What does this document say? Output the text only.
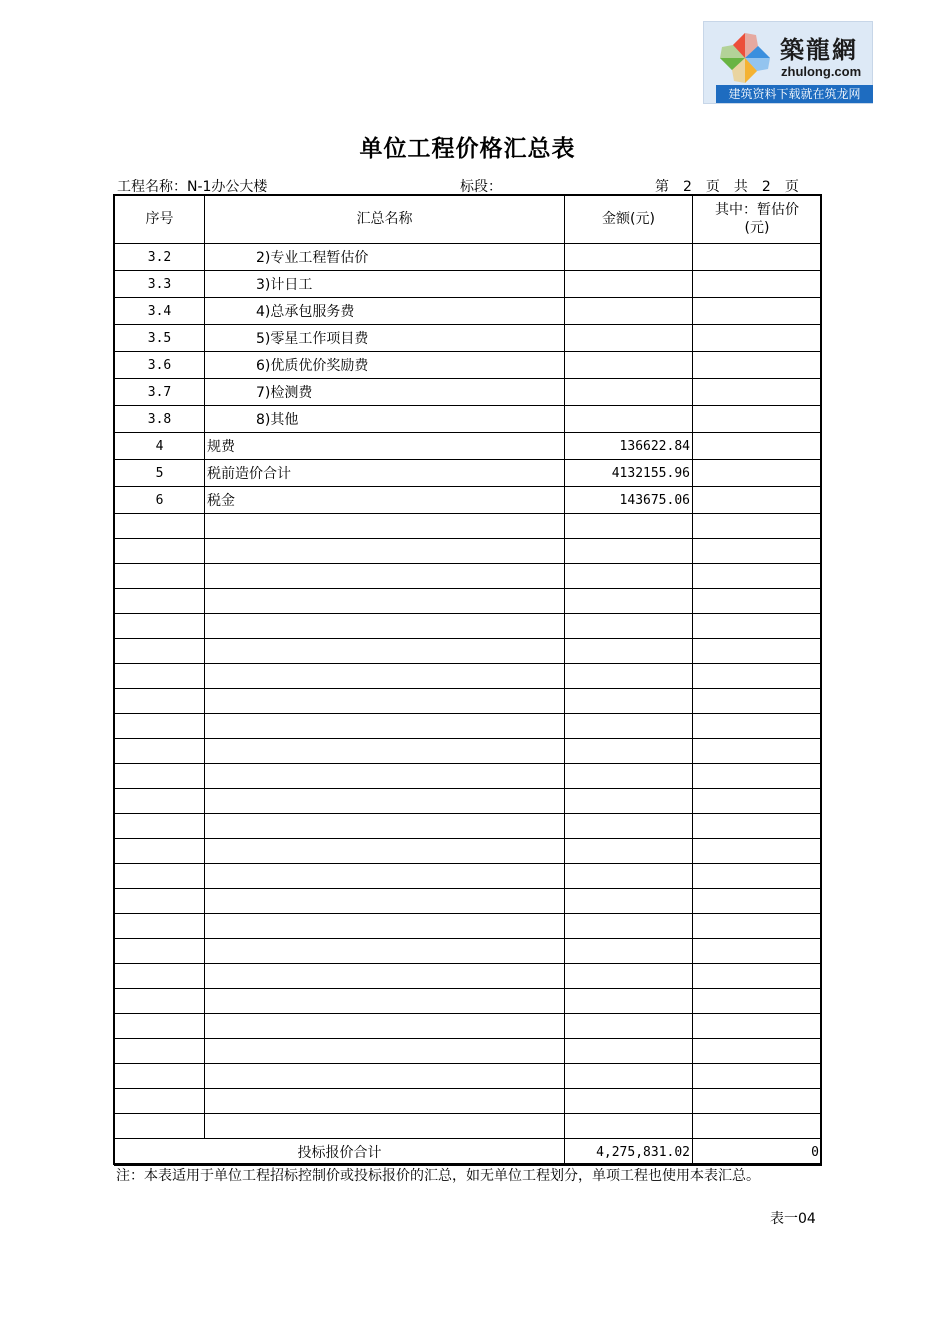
築龍網
zhulong.com
建筑资料下载就在筑龙网
单位工程价格汇总表
工程名称：N-1办公大楼	标段：	第　2　页　共　2　页
序号	汇总名称	金额(元)	其中：暂估价(元)

3.2	2)专业工程暂估价		
3.3	3)计日工		
3.4	4)总承包服务费		
3.5	5)零星工作项目费		
3.6	6)优质优价奖励费		
3.7	7)检测费		
3.8	8)其他		
4	规费	136622.84	
5	税前造价合计	4132155.96	
6	税金	143675.06	

投标报价合计		4,275,831.02	0
注：本表适用于单位工程招标控制价或投标报价的汇总，如无单位工程划分，单项工程也使用本表汇总。
表一04
